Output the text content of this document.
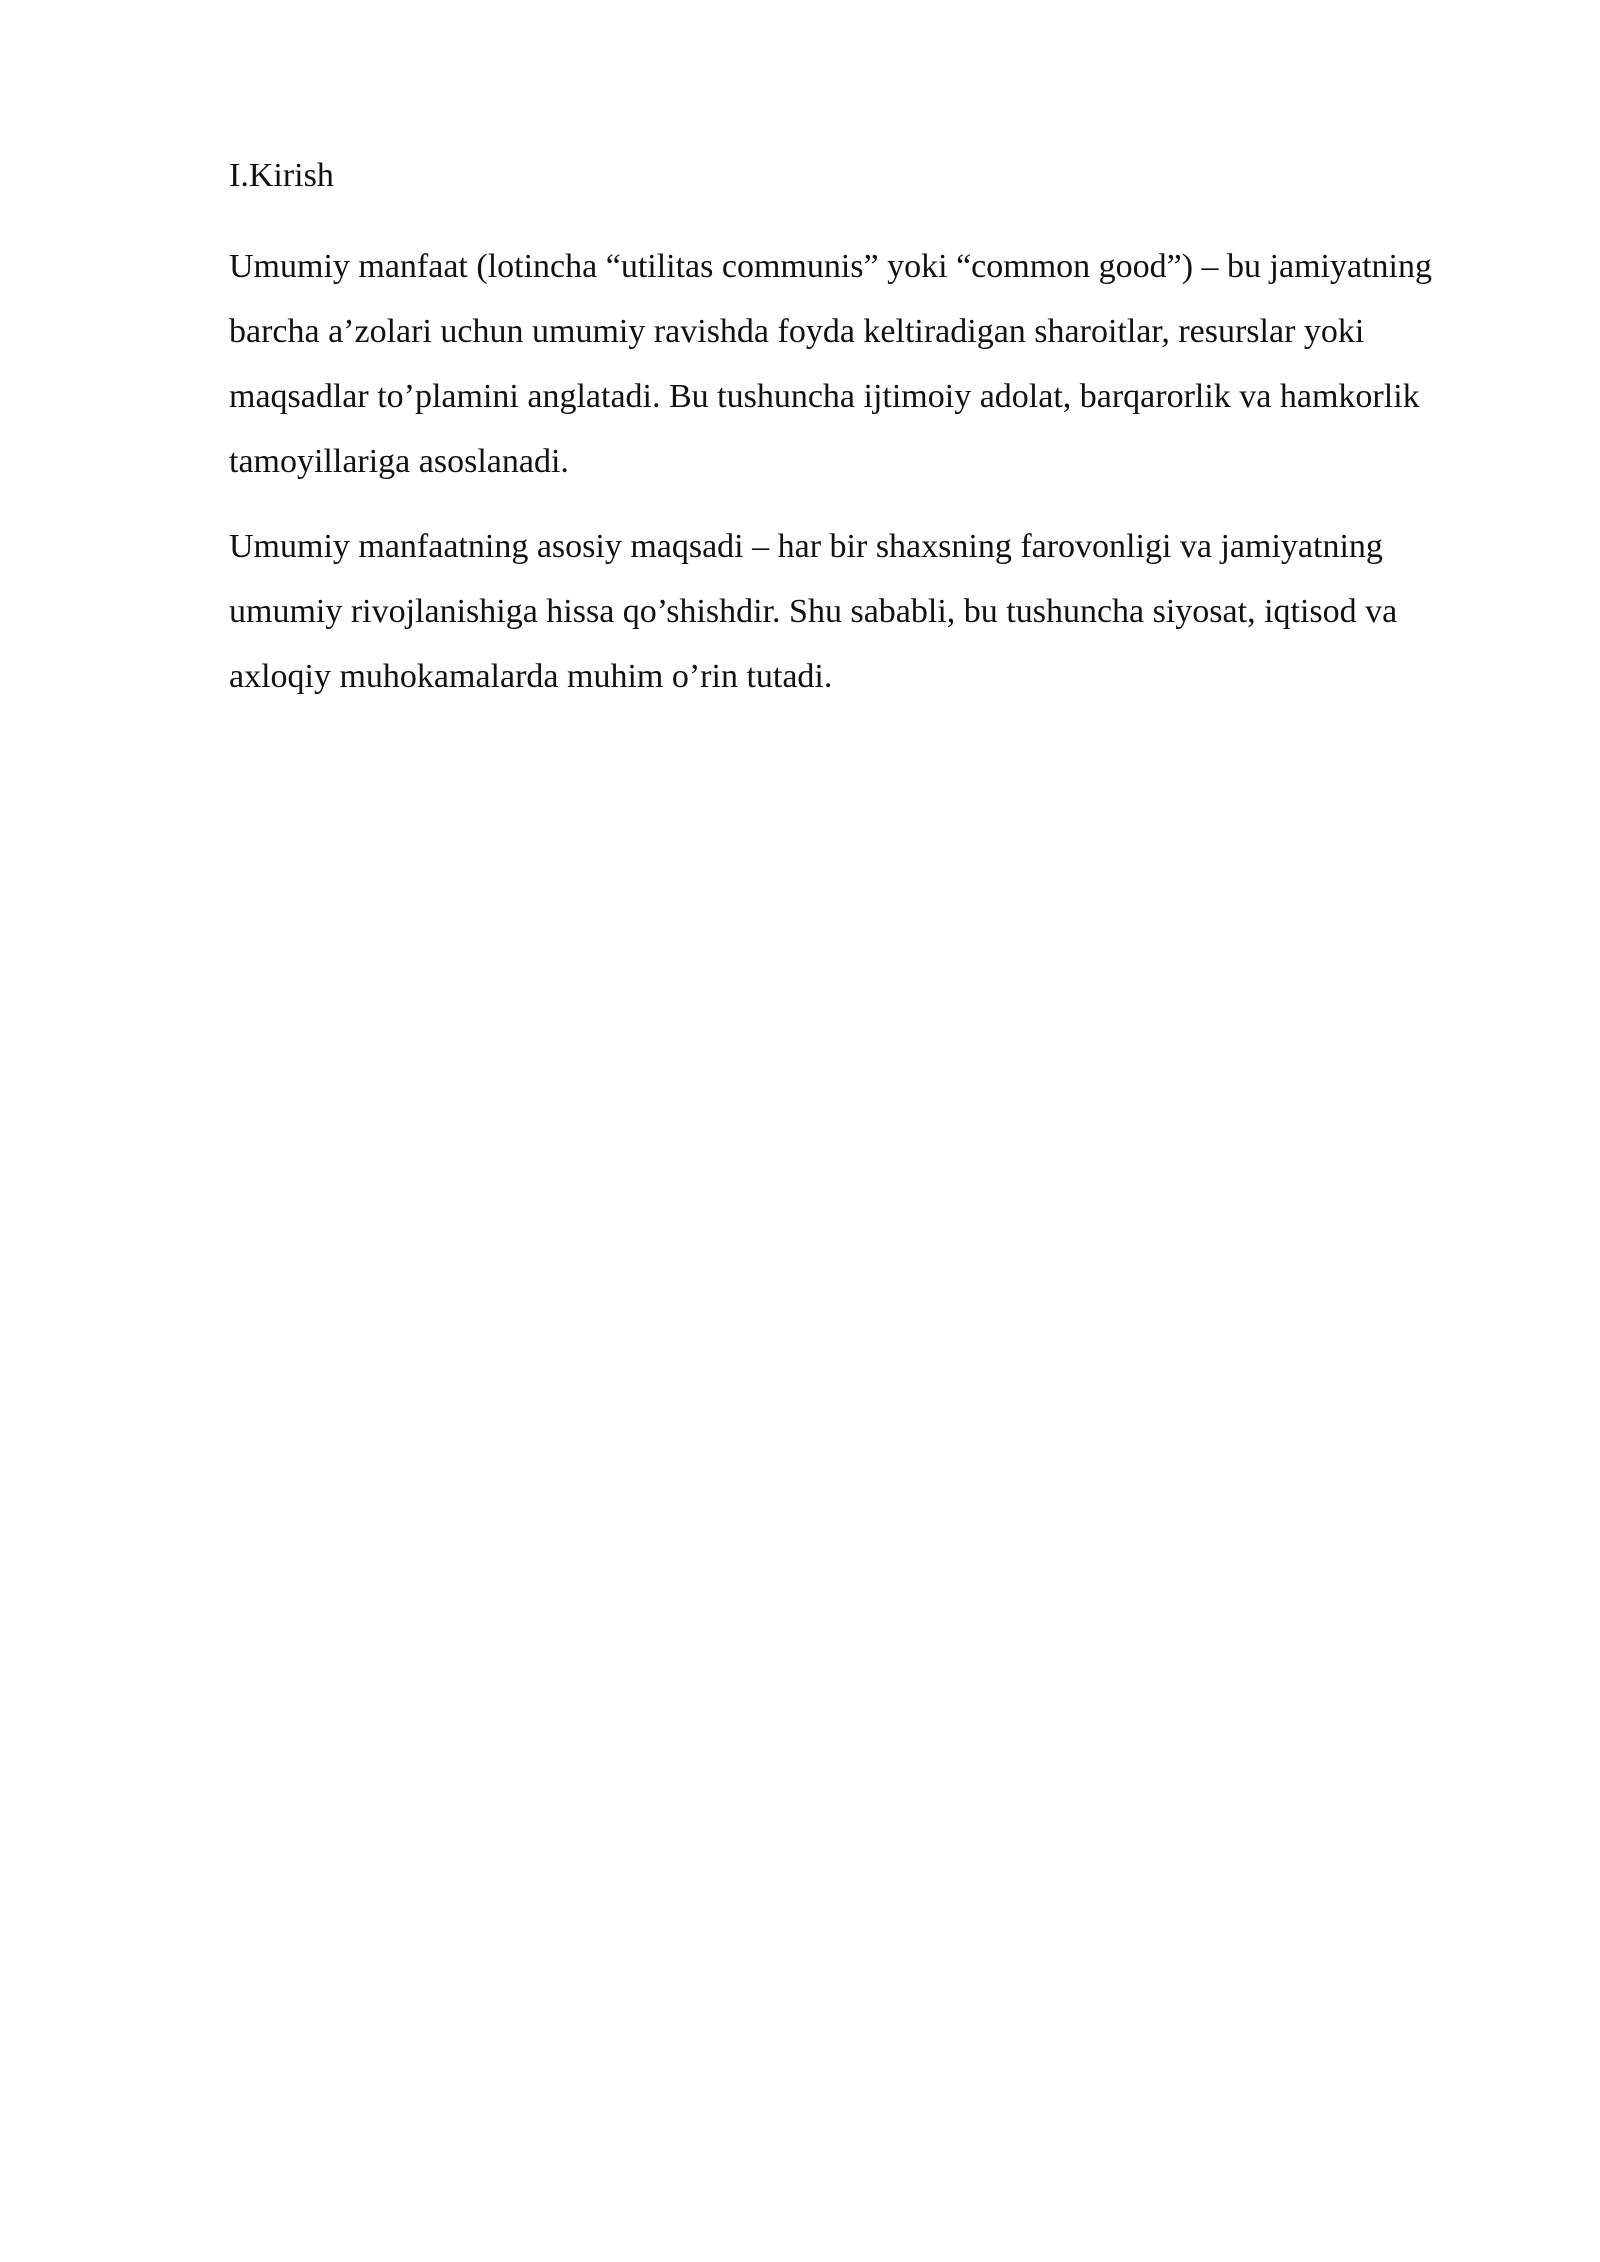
I.Kirish

Umumiy manfaat (lotincha “utilitas communis” yoki “common good”) – bu jamiyatning barcha a’zolari uchun umumiy ravishda foyda keltiradigan sharoitlar, resurslar yoki maqsadlar to’plamini anglatadi. Bu tushuncha ijtimoiy adolat, barqarorlik va hamkorlik tamoyillariga asoslanadi.

Umumiy manfaatning asosiy maqsadi – har bir shaxsning farovonligi va jamiyatning umumiy rivojlanishiga hissa qo’shishdir. Shu sababli, bu tushuncha siyosat, iqtisod va axloqiy muhokamalarda muhim o’rin tutadi.
